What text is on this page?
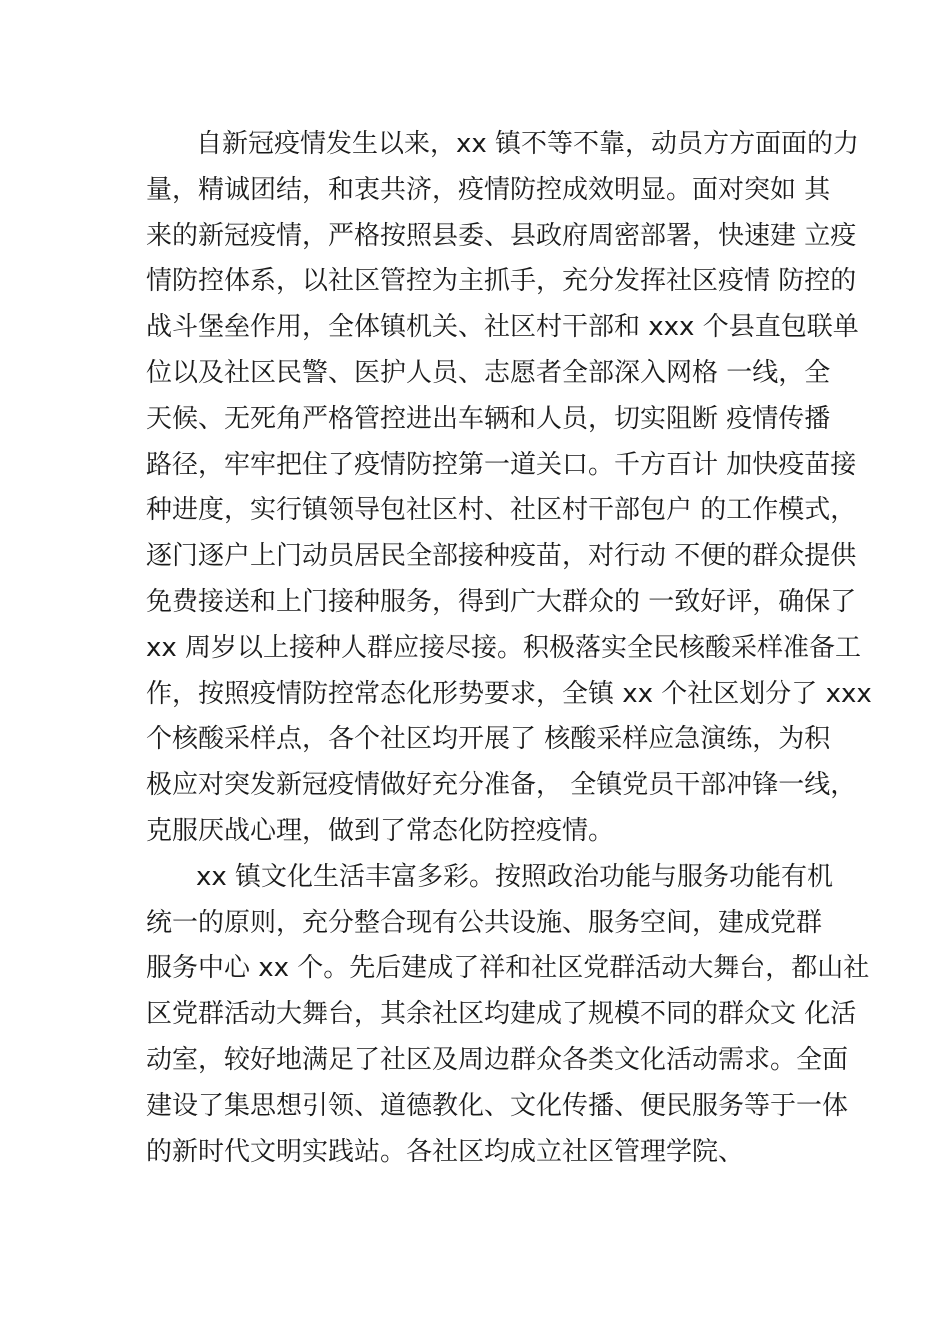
自新冠疫情发生以来，xx 镇不等不靠，动员方方面面的力
量，精诚团结，和衷共济，疫情防控成效明显。面对突如 其
来的新冠疫情，严格按照县委、县政府周密部署，快速建 立疫
情防控体系，以社区管控为主抓手，充分发挥社区疫情 防控的
战斗堡垒作用，全体镇机关、社区村干部和 xxx 个县直包联单
位以及社区民警、医护人员、志愿者全部深入网格 一线，全
天候、无死角严格管控进出车辆和人员，切实阻断 疫情传播
路径，牢牢把住了疫情防控第一道关口。千方百计 加快疫苗接
种进度，实行镇领导包社区村、社区村干部包户 的工作模式，
逐门逐户上门动员居民全部接种疫苗，对行动 不便的群众提供
免费接送和上门接种服务，得到广大群众的 一致好评，确保了
xx 周岁以上接种人群应接尽接。积极落实全民核酸采样准备工
作，按照疫情防控常态化形势要求，全镇 xx 个社区划分了 xxx
个核酸采样点，各个社区均开展了 核酸采样应急演练，为积
极应对突发新冠疫情做好充分准备， 全镇党员干部冲锋一线，
克服厌战心理，做到了常态化防控疫情。
xx 镇文化生活丰富多彩。按照政治功能与服务功能有机
统一的原则，充分整合现有公共设施、服务空间，建成党群
服务中心 xx 个。先后建成了祥和社区党群活动大舞台，都山社
区党群活动大舞台，其余社区均建成了规模不同的群众文 化活
动室，较好地满足了社区及周边群众各类文化活动需求。全面
建设了集思想引领、道德教化、文化传播、便民服务等于一体
的新时代文明实践站。各社区均成立社区管理学院、
